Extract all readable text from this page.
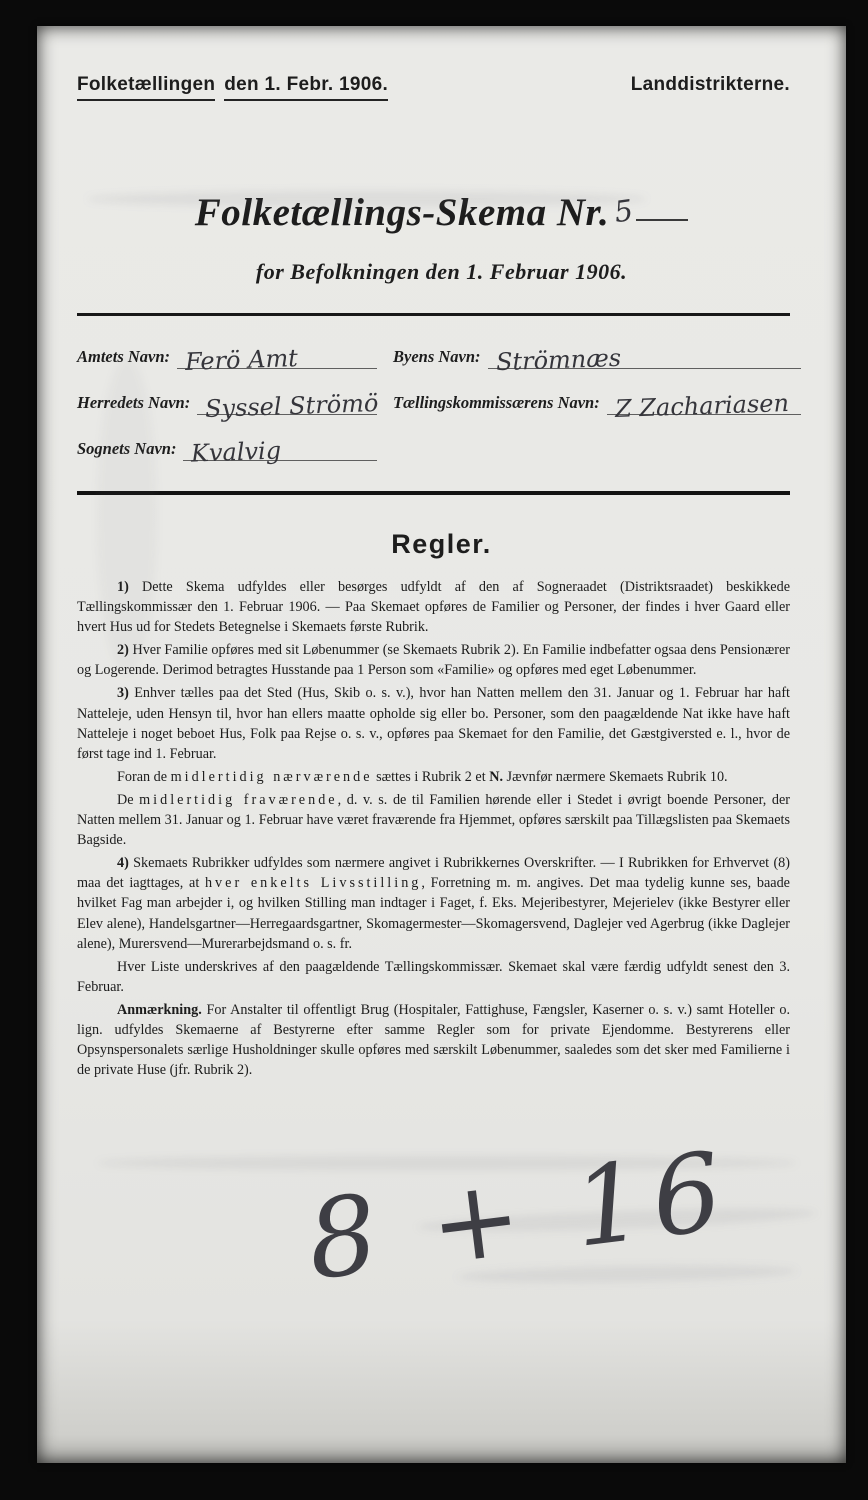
Folketællingen den 1. Febr. 1906.	Landdistrikterne.
Folketællings-Skema Nr. 5
for Befolkningen den 1. Februar 1906.
Amtets Navn: Ferö Amt	Byens Navn: Strömnæs
Herredets Navn: Syssel Strömö Tællingskommissærens Navn: Z Zachariasen
Sognets Navn: Kvalvig
Regler.

1) Dette Skema udfyldes eller besørges udfyldt af den af Sogneraadet (Distriktsraadet) beskikkede Tællingskommissær den 1. Februar 1906. — Paa Skemaet opføres de Familier og Personer, der findes i hver Gaard eller hvert Hus ud for Stedets Betegnelse i Skemaets første Rubrik.

2) Hver Familie opføres med sit Løbenummer (se Skemaets Rubrik 2). En Familie indbefatter ogsaa dens Pensionærer og Logerende. Derimod betragtes Husstande paa 1 Person som «Familie» og opføres med eget Løbenummer.

3) Enhver tælles paa det Sted (Hus, Skib o. s. v.), hvor han Natten mellem den 31. Januar og 1. Februar har haft Natteleje, uden Hensyn til, hvor han ellers maatte opholde sig eller bo. Personer, som den paagældende Nat ikke have haft Natteleje i noget beboet Hus, Folk paa Rejse o. s. v., opføres paa Skemaet for den Familie, det Gæstgiversted e. l., hvor de først tage ind 1. Februar.

Foran de midlertidig nærværende sættes i Rubrik 2 et N. Jævnfør nærmere Skemaets Rubrik 10.

De midlertidig fraværende, d. v. s. de til Familien hørende eller i Stedet i øvrigt boende Personer, der Natten mellem 31. Januar og 1. Februar have været fraværende fra Hjemmet, opføres særskilt paa Tillægslisten paa Skemaets Bagside.

4) Skemaets Rubrikker udfyldes som nærmere angivet i Rubrikkernes Overskrifter. — I Rubrikken for Erhvervet (8) maa det iagttages, at hver enkelts Livsstilling, Forretning m. m. angives. Det maa tydelig kunne ses, baade hvilket Fag man arbejder i, og hvilken Stilling man indtager i Faget, f. Eks. Mejeribestyrer, Mejerielev (ikke Bestyrer eller Elev alene), Handelsgartner—Herregaardsgartner, Skomagermester—Skomagersvend, Daglejer ved Agerbrug (ikke Daglejer alene), Murersvend—Murerarbejdsmand o. s. fr.

Hver Liste underskrives af den paagældende Tællingskommissær. Skemaet skal være færdig udfyldt senest den 3. Februar.

Anmærkning. For Anstalter til offentligt Brug (Hospitaler, Fattighuse, Fængsler, Kaserner o. s. v.) samt Hoteller o. lign. udfyldes Skemaerne af Bestyrerne efter samme Regler som for private Ejendomme. Bestyrerens eller Opsynspersonalets særlige Husholdninger skulle opføres med særskilt Løbenummer, saaledes som det sker med Familierne i de private Huse (jfr. Rubrik 2).

8 + 16
